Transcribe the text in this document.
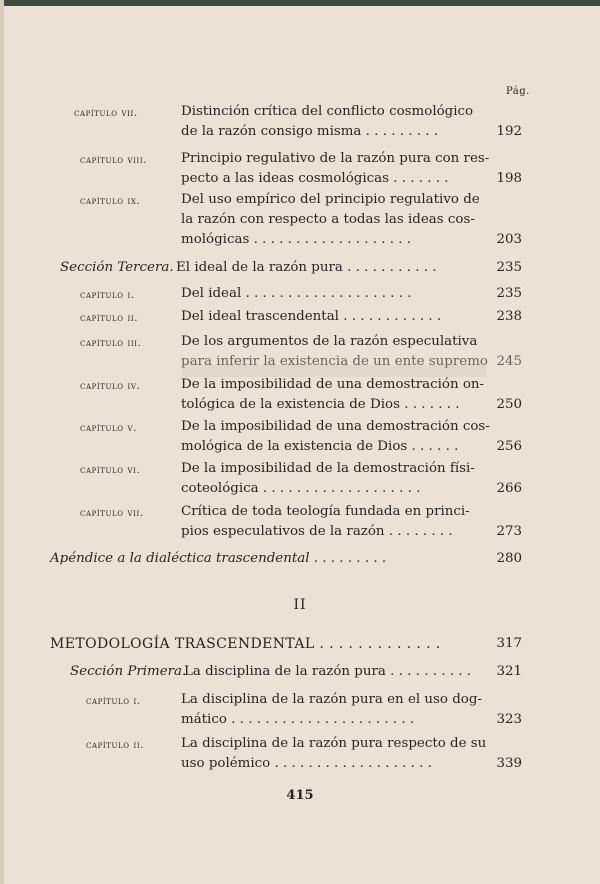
Pág.
capítulo vii.	Distinción crítica del conflicto cosmológico
de la razón consigo misma . . . . . . . . .	192
capítulo viii.	Principio regulativo de la razón pura con res-
pecto a las ideas cosmológicas . . . . . . .	198
capítulo ix.	Del uso empírico del principio regulativo de
la razón con respecto a todas las ideas cos-
mológicas . . . . . . . . . . . . . . . . . . .	203
Sección Tercera. El ideal de la razón pura . . . . . . . . . . .	235
capítulo i.	Del ideal . . . . . . . . . . . . . . . . . . . .	235
capítulo ii.	Del ideal trascendental . . . . . . . . . . . .	238
capítulo iii.	De los argumentos de la razón especulativa
para inferir la existencia de un ente supremo 245
capítulo iv.	De la imposibilidad de una demostración on-
tológica de la existencia de Dios . . . . . . .	250
capítulo v.	De la imposibilidad de una demostración cos-
mológica de la existencia de Dios . . . . . .	256
capítulo vi.	De la imposibilidad de la demostración físi-
coteológica . . . . . . . . . . . . . . . . . . .	266
capítulo vii.	Crítica de toda teología fundada en princi-
pios especulativos de la razón . . . . . . . .	273
Apéndice a la dialéctica trascendental . . . . . . . . .	280
II
METODOLOGÍA TRASCENDENTAL . . . . . . . . . . . . .	317
Sección Primera.
La disciplina de la razón pura . . . . . . . . . . 321
capítulo i.	La disciplina de la razón pura en el uso dog-
mático . . . . . . . . . . . . . . . . . . . . . .	323
capítulo ii.	La disciplina de la razón pura respecto de su
uso polémico . . . . . . . . . . . . . . . . . . .	339
415
